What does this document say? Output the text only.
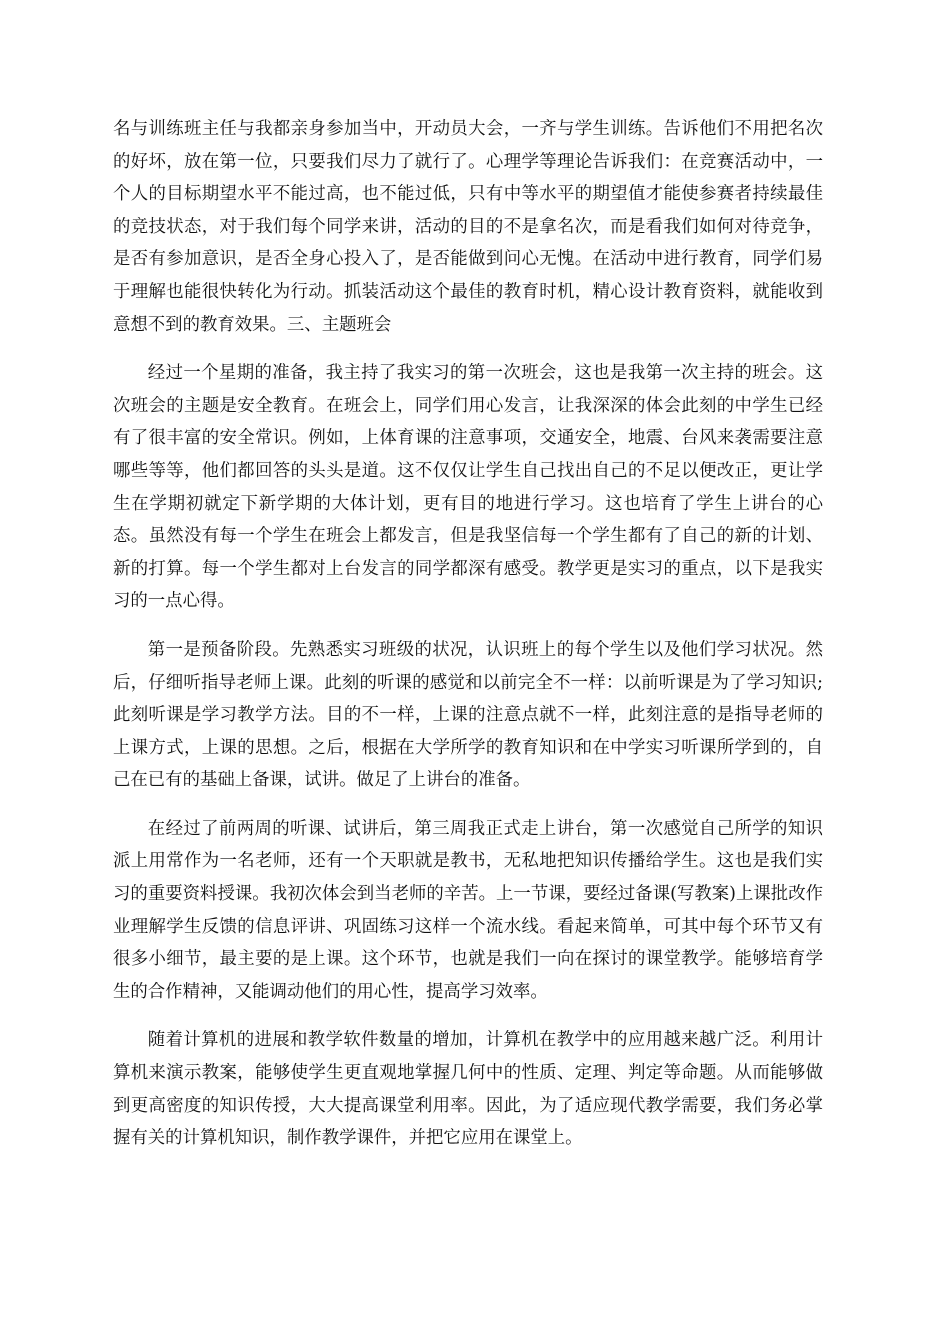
名与训练班主任与我都亲身参加当中，开动员大会，一齐与学生训练。告诉他们不用把名次的好坏，放在第一位，只要我们尽力了就行了。心理学等理论告诉我们：在竞赛活动中，一个人的目标期望水平不能过高，也不能过低，只有中等水平的期望值才能使参赛者持续最佳的竞技状态，对于我们每个同学来讲，活动的目的不是拿名次，而是看我们如何对待竞争，是否有参加意识，是否全身心投入了，是否能做到问心无愧。在活动中进行教育，同学们易于理解也能很快转化为行动。抓装活动这个最佳的教育时机，精心设计教育资料，就能收到意想不到的教育效果。三、主题班会

经过一个星期的准备，我主持了我实习的第一次班会，这也是我第一次主持的班会。这次班会的主题是安全教育。在班会上，同学们用心发言，让我深深的体会此刻的中学生已经有了很丰富的安全常识。例如，上体育课的注意事项，交通安全，地震、台风来袭需要注意哪些等等，他们都回答的头头是道。这不仅仅让学生自己找出自己的不足以便改正，更让学生在学期初就定下新学期的大体计划，更有目的地进行学习。这也培育了学生上讲台的心态。虽然没有每一个学生在班会上都发言，但是我坚信每一个学生都有了自己的新的计划、新的打算。每一个学生都对上台发言的同学都深有感受。教学更是实习的重点，以下是我实习的一点心得。

第一是预备阶段。先熟悉实习班级的状况，认识班上的每个学生以及他们学习状况。然后，仔细听指导老师上课。此刻的听课的感觉和以前完全不一样：以前听课是为了学习知识;此刻听课是学习教学方法。目的不一样，上课的注意点就不一样，此刻注意的是指导老师的上课方式，上课的思想。之后，根据在大学所学的教育知识和在中学实习听课所学到的，自己在已有的基础上备课，试讲。做足了上讲台的准备。

在经过了前两周的听课、试讲后，第三周我正式走上讲台，第一次感觉自己所学的知识派上用常作为一名老师，还有一个天职就是教书，无私地把知识传播给学生。这也是我们实习的重要资料授课。我初次体会到当老师的辛苦。上一节课，要经过备课(写教案)上课批改作业理解学生反馈的信息评讲、巩固练习这样一个流水线。看起来简单，可其中每个环节又有很多小细节，最主要的是上课。这个环节，也就是我们一向在探讨的课堂教学。能够培育学生的合作精神，又能调动他们的用心性，提高学习效率。

随着计算机的进展和教学软件数量的增加，计算机在教学中的应用越来越广泛。利用计算机来演示教案，能够使学生更直观地掌握几何中的性质、定理、判定等命题。从而能够做到更高密度的知识传授，大大提高课堂利用率。因此，为了适应现代教学需要，我们务必掌握有关的计算机知识，制作教学课件，并把它应用在课堂上。
